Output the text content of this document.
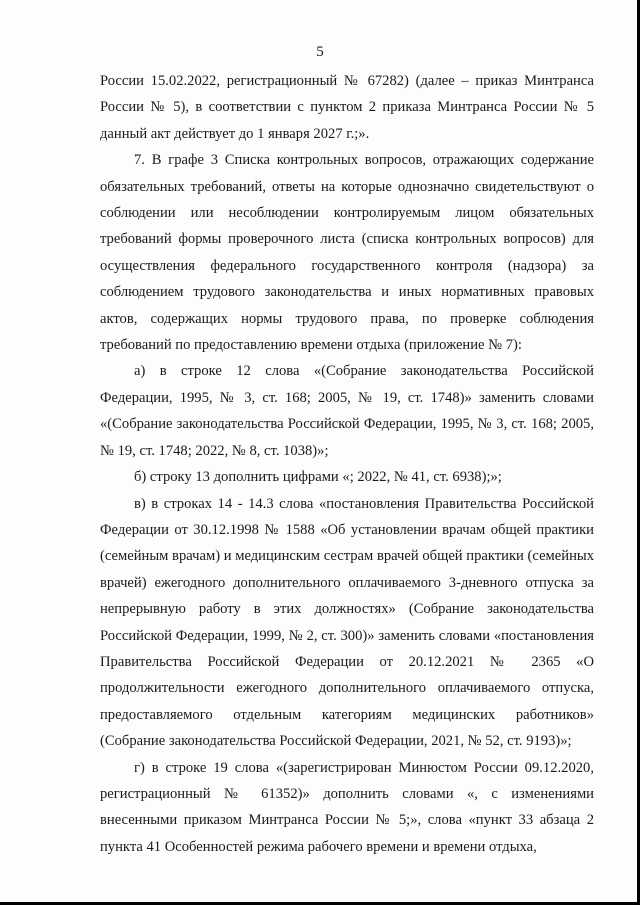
5

России 15.02.2022, регистрационный № 67282) (далее – приказ Минтранса России № 5), в соответствии с пунктом 2 приказа Минтранса России № 5 данный акт действует до 1 января 2027 г.;».

7. В графе 3 Списка контрольных вопросов, отражающих содержание обязательных требований, ответы на которые однозначно свидетельствуют о соблюдении или несоблюдении контролируемым лицом обязательных требований формы проверочного листа (списка контрольных вопросов) для осуществления федерального государственного контроля (надзора) за соблюдением трудового законодательства и иных нормативных правовых актов, содержащих нормы трудового права, по проверке соблюдения требований по предоставлению времени отдыха (приложение № 7):

а) в строке 12 слова «(Собрание законодательства Российской Федерации, 1995, № 3, ст. 168; 2005, № 19, ст. 1748)» заменить словами «(Собрание законодательства Российской Федерации, 1995, № 3, ст. 168; 2005, № 19, ст. 1748; 2022, № 8, ст. 1038)»;

б) строку 13 дополнить цифрами «; 2022, № 41, ст. 6938);»;

в) в строках 14 - 14.3 слова «постановления Правительства Российской Федерации от 30.12.1998 № 1588 «Об установлении врачам общей практики (семейным врачам) и медицинским сестрам врачей общей практики (семейных врачей) ежегодного дополнительного оплачиваемого 3-дневного отпуска за непрерывную работу в этих должностях» (Собрание законодательства Российской Федерации, 1999, № 2, ст. 300)» заменить словами «постановления Правительства Российской Федерации от 20.12.2021 № 2365 «О продолжительности ежегодного дополнительного оплачиваемого отпуска, предоставляемого отдельным категориям медицинских работников» (Собрание законодательства Российской Федерации, 2021, № 52, ст. 9193)»;

г) в строке 19 слова «(зарегистрирован Минюстом России 09.12.2020, регистрационный № 61352)» дополнить словами «, с изменениями внесенными приказом Минтранса России № 5;», слова «пункт 33 абзаца 2 пункта 41 Особенностей режима рабочего времени и времени отдыха,
